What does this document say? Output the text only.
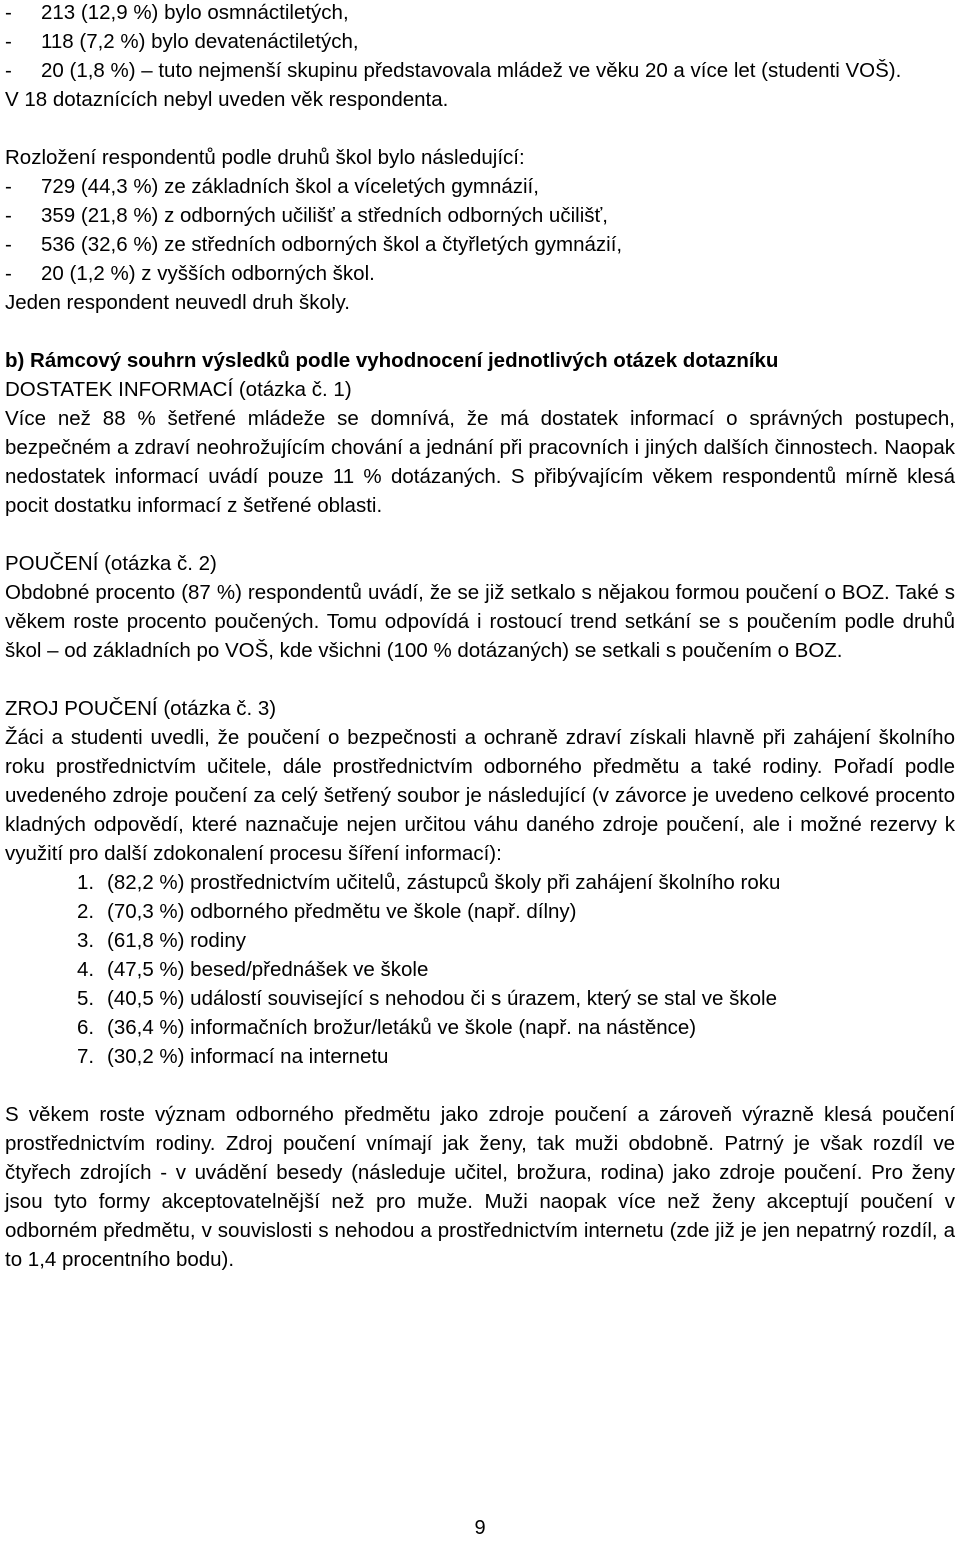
- 213 (12,9 %) bylo osmnáctiletých,
- 118 (7,2 %) bylo devatenáctiletých,
- 20 (1,8 %) – tuto nejmenší skupinu představovala mládež ve věku 20 a více let (studenti VOŠ).

V 18 dotaznících nebyl uveden věk respondenta.

Rozložení respondentů podle druhů škol bylo následující:

- 729 (44,3 %) ze základních škol a víceletých gymnázií,
- 359 (21,8 %) z odborných učilišť a středních odborných učilišť,
- 536 (32,6 %) ze středních odborných škol a čtyřletých gymnázií,
- 20 (1,2 %) z vyšších odborných škol.

Jeden respondent neuvedl druh školy.

b) Rámcový souhrn výsledků podle vyhodnocení jednotlivých otázek dotazníku

DOSTATEK INFORMACÍ (otázka č. 1)

Více než 88 % šetřené mládeže se domnívá, že má dostatek informací o správných postupech, bezpečném a zdraví neohrožujícím chování a jednání při pracovních i jiných dalších činnostech. Naopak nedostatek informací uvádí pouze 11 % dotázaných. S přibývajícím věkem respondentů mírně klesá pocit dostatku informací z šetřené oblasti.

POUČENÍ (otázka č. 2)

Obdobné procento (87 %) respondentů uvádí, že se již setkalo s nějakou formou poučení o BOZ. Také s věkem roste procento poučených. Tomu odpovídá i rostoucí trend setkání se s poučením podle druhů škol – od základních po VOŠ, kde všichni (100 % dotázaných) se setkali s poučením o BOZ.

ZROJ POUČENÍ (otázka č. 3)

Žáci a studenti uvedli, že poučení o bezpečnosti a ochraně zdraví získali hlavně při zahájení školního roku prostřednictvím učitele, dále prostřednictvím odborného předmětu a také rodiny. Pořadí podle uvedeného zdroje poučení za celý šetřený soubor je následující (v závorce je uvedeno celkové procento kladných odpovědí, které naznačuje nejen určitou váhu daného zdroje poučení, ale i možné rezervy k využití pro další zdokonalení procesu šíření informací):

1. (82,2 %) prostřednictvím učitelů, zástupců školy při zahájení školního roku
2. (70,3 %) odborného předmětu ve škole (např. dílny)
3. (61,8 %) rodiny
4. (47,5 %) besed/přednášek ve škole
5. (40,5 %) událostí související s nehodou či s úrazem, který se stal ve škole
6. (36,4 %) informačních brožur/letáků ve škole (např. na nástěnce)
7. (30,2 %) informací na internetu

S věkem roste význam odborného předmětu jako zdroje poučení a zároveň výrazně klesá poučení prostřednictvím rodiny. Zdroj poučení vnímají jak ženy, tak muži obdobně. Patrný je však rozdíl ve čtyřech zdrojích - v uvádění besedy (následuje učitel, brožura, rodina) jako zdroje poučení. Pro ženy jsou tyto formy akceptovatelnější než pro muže. Muži naopak více než ženy akceptují poučení v odborném předmětu, v souvislosti s nehodou a prostřednictvím internetu (zde již je jen nepatrný rozdíl, a to 1,4 procentního bodu).

9
